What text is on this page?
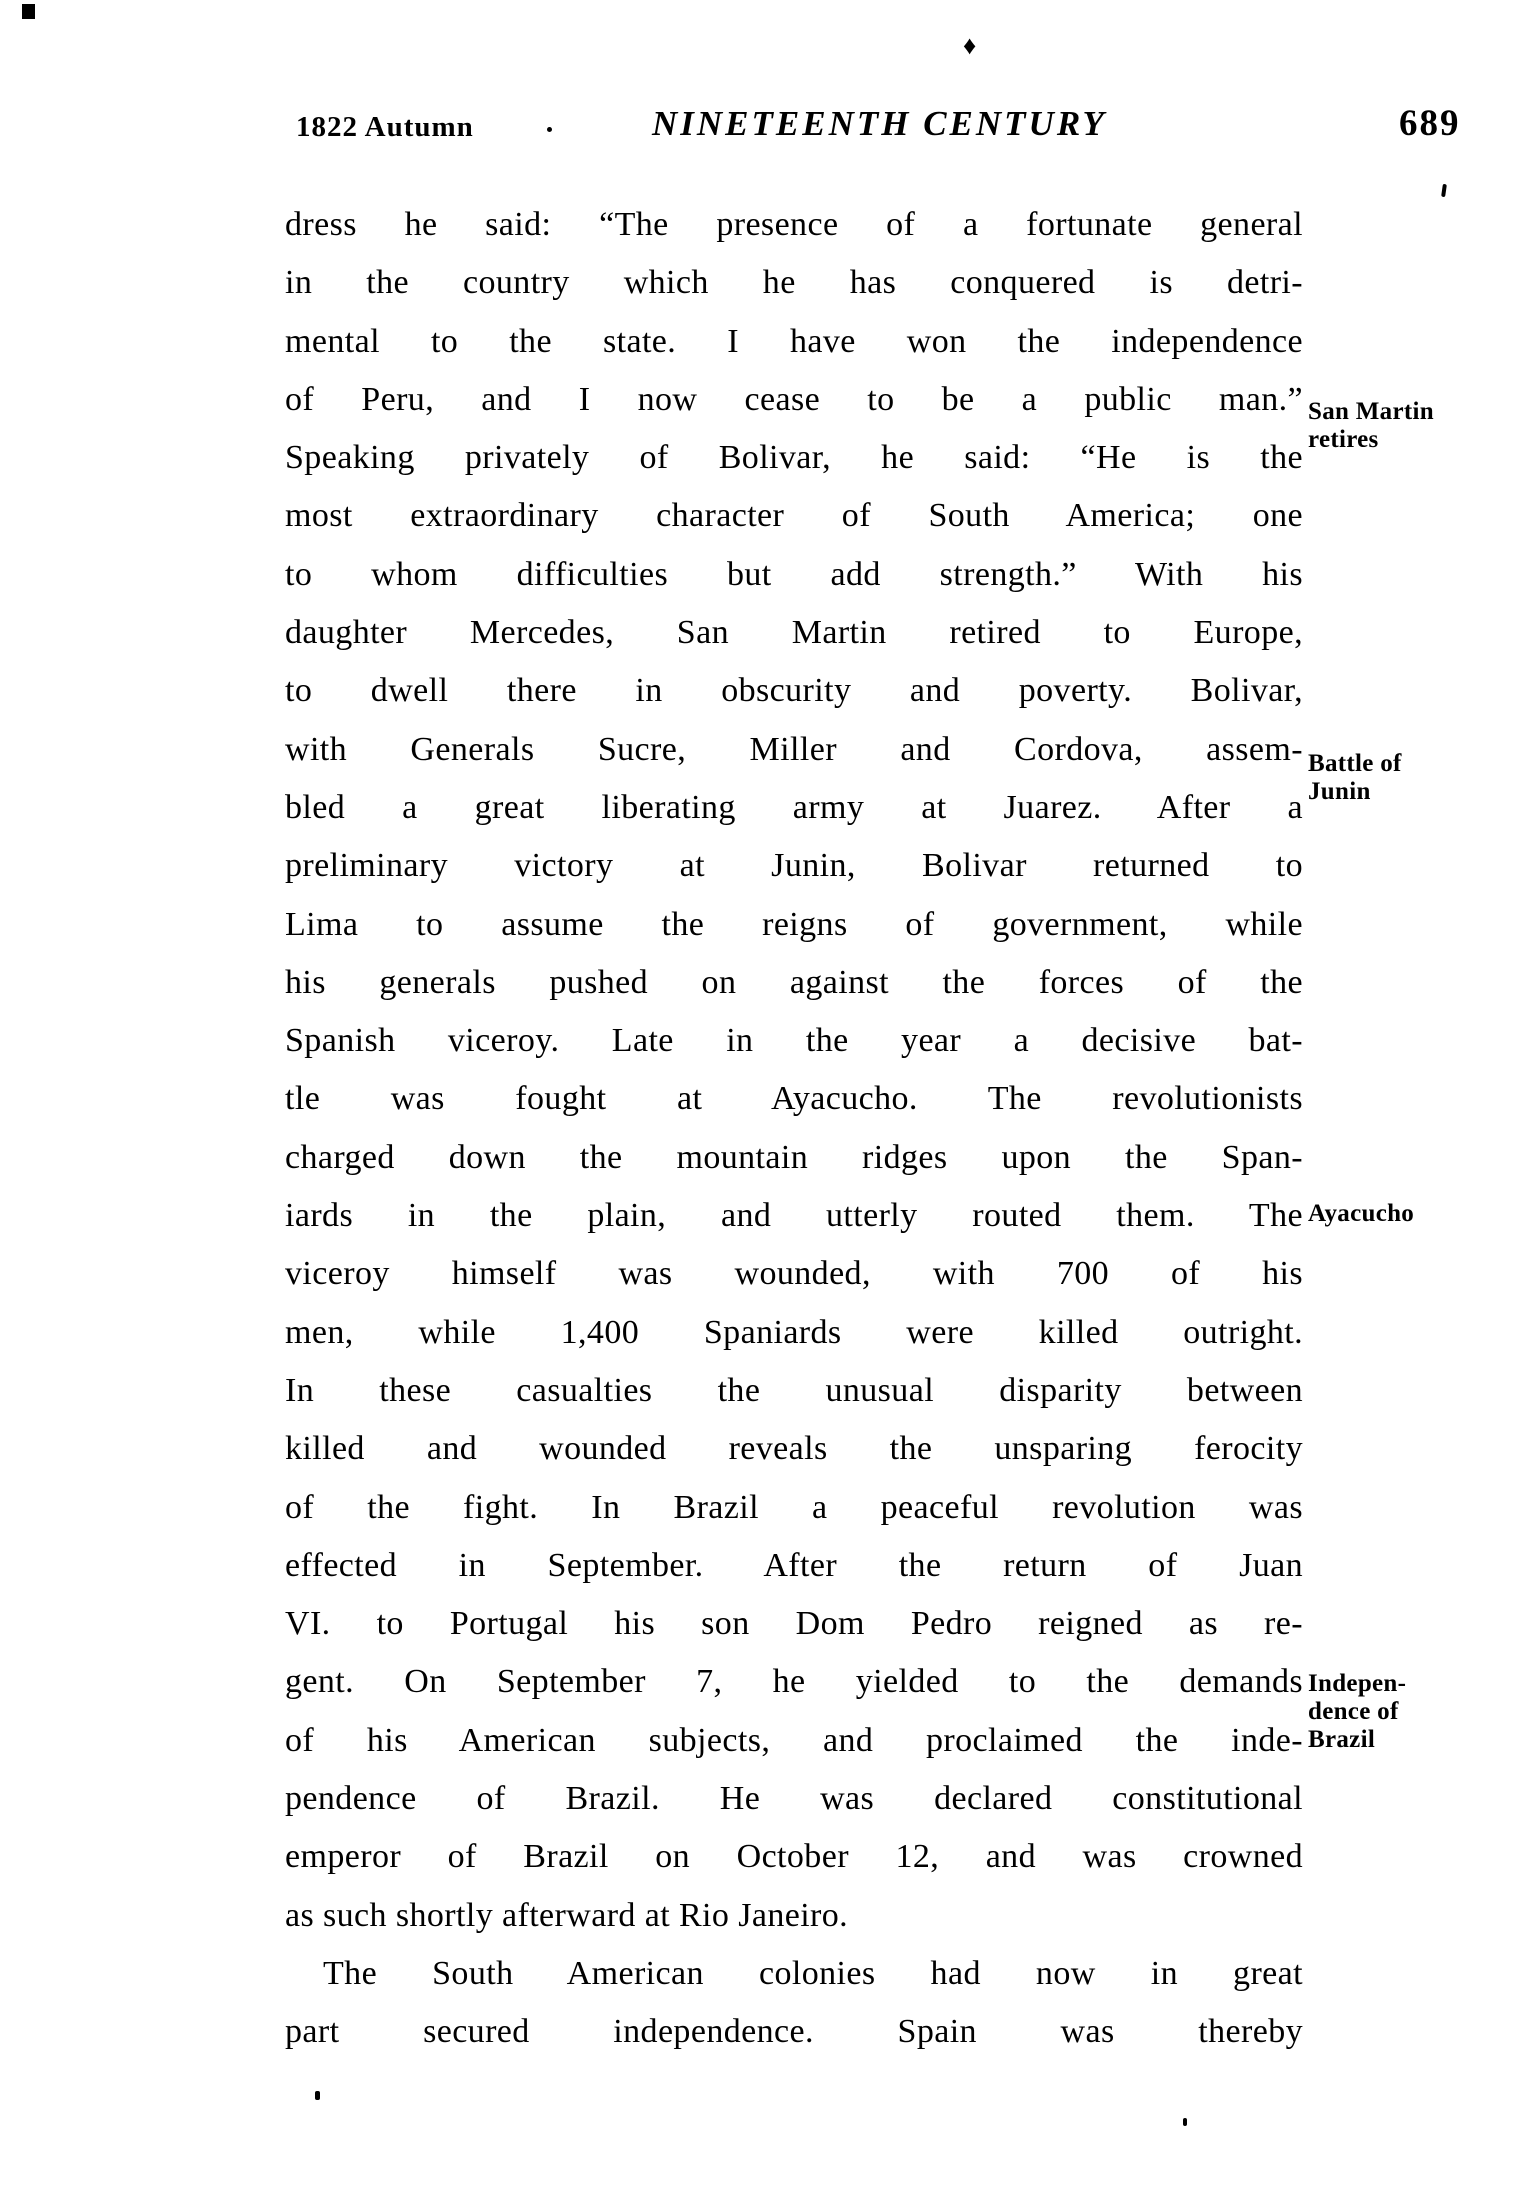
♦
1822 Autumn	NINETEENTH CENTURY	689
dress he said: “The presence of a fortunate general
in the country which he has conquered is detri-
mental to the state. I have won the independence
of Peru, and I now cease to be a public man.”
Speaking privately of Bolivar, he said: “He is the
most extraordinary character of South America; one
to whom difficulties but add strength.” With his
daughter Mercedes, San Martin retired to Europe,
to dwell there in obscurity and poverty. Bolivar,
with Generals Sucre, Miller and Cordova, assem-
bled a great liberating army at Juarez. After a
preliminary victory at Junin, Bolivar returned to
Lima to assume the reigns of government, while
his generals pushed on against the forces of the
Spanish viceroy. Late in the year a decisive bat-
tle was fought at Ayacucho. The revolutionists
charged down the mountain ridges upon the Span-
iards in the plain, and utterly routed them. The
viceroy himself was wounded, with 700 of his
men, while 1,400 Spaniards were killed outright.
In these casualties the unusual disparity between
killed and wounded reveals the unsparing ferocity
of the fight. In Brazil a peaceful revolution was
effected in September. After the return of Juan
VI. to Portugal his son Dom Pedro reigned as re-
gent. On September 7, he yielded to the demands
of his American subjects, and proclaimed the inde-
pendence of Brazil. He was declared constitutional
emperor of Brazil on October 12, and was crowned
as such shortly afterward at Rio Janeiro.
The South American colonies had now in great
part secured independence. Spain was thereby
San Martin
retires
Battle of
Junin
Ayacucho
Indepen-
dence of
Brazil
